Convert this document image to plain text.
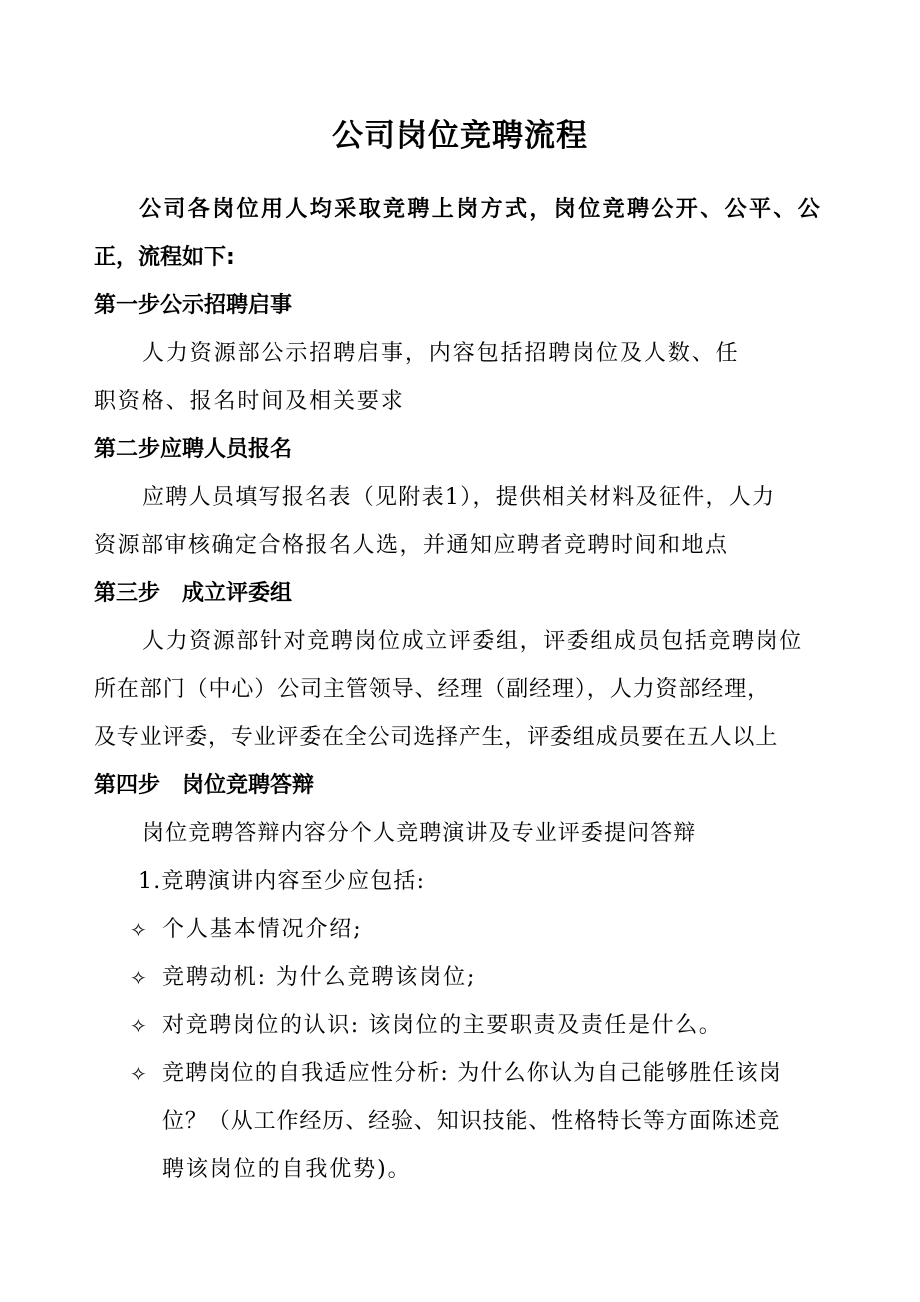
公司岗位竞聘流程
公司各岗位用人均采取竞聘上岗方式，岗位竞聘公开、公平、公
正，流程如下:
第一步公示招聘启事
人力资源部公示招聘启事，内容包括招聘岗位及人数、任
职资格、报名时间及相关要求
第二步应聘人员报名
应聘人员填写报名表（见附表1），提供相关材料及征件，人力
资源部审核确定合格报名人选，并通知应聘者竞聘时间和地点
第三步　成立评委组
人力资源部针对竞聘岗位成立评委组，评委组成员包括竞聘岗位
所在部门（中心）公司主管领导、经理（副经理），人力资部经理，
及专业评委，专业评委在全公司选择产生，评委组成员要在五人以上
第四步　岗位竞聘答辩
岗位竞聘答辩内容分个人竞聘演讲及专业评委提问答辩
1.竞聘演讲内容至少应包括:
✧ 个人基本情况介绍;
✧ 竞聘动机: 为什么竞聘该岗位;
✧ 对竞聘岗位的认识: 该岗位的主要职责及责任是什么。
✧ 竞聘岗位的自我适应性分析: 为什么你认为自己能够胜任该岗
位？（从工作经历、经验、知识技能、性格特长等方面陈述竞
聘该岗位的自我优势)。
